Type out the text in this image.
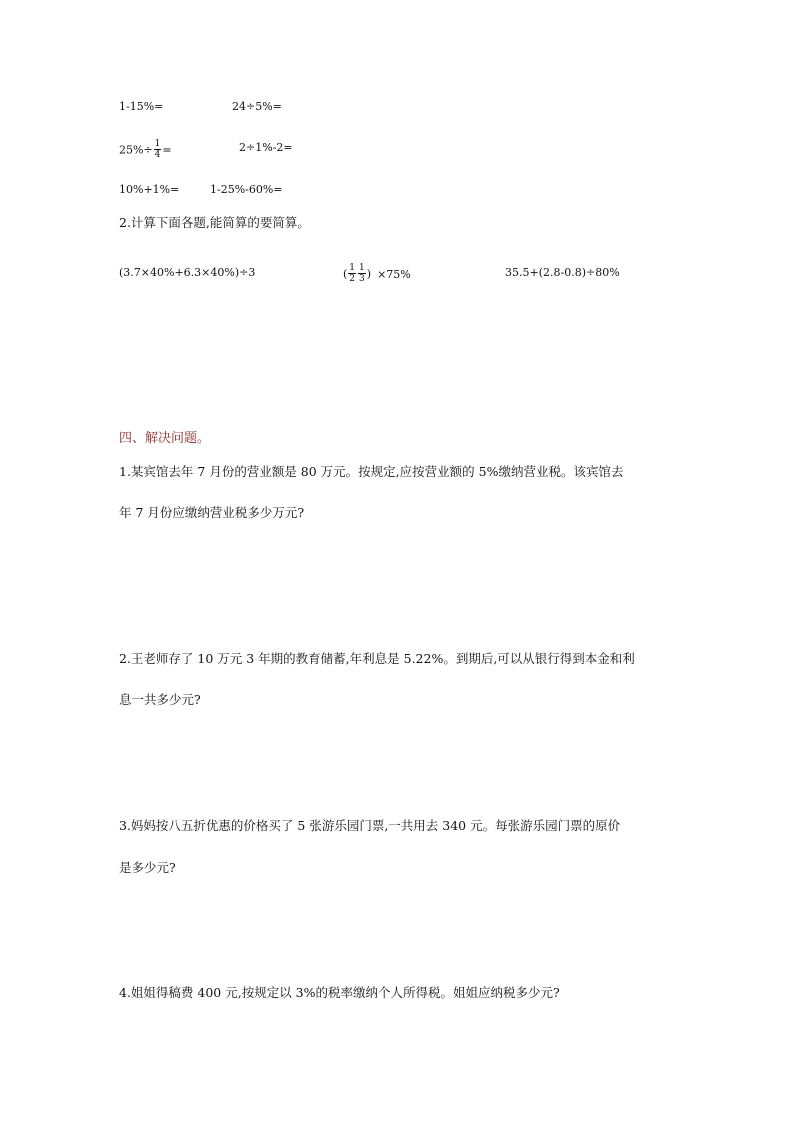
1-15%=	24÷5%=
$25\%\div \frac{1}{4}$ =	2÷1%-2=
10%+1%=	1-25%-60%=
2.计算下面各题,能简算的要简算。
(3.7×40%+6.3×40%)÷3	( $\frac{1}{2} \frac{1}{3}$ ) ×75%	35.5+(2.8-0.8)÷80%
四、解决问题。
1.某宾馆去年 7 月份的营业额是 80 万元。按规定,应按营业额的 5%缴纳营业税。该宾馆去
年 7 月份应缴纳营业税多少万元?
2.王老师存了 10 万元 3 年期的教育储蓄,年利息是 5.22%。到期后,可以从银行得到本金和利
息一共多少元?
3.妈妈按八五折优惠的价格买了 5 张游乐园门票,一共用去 340 元。每张游乐园门票的原价
是多少元?
4.姐姐得稿费 400 元,按规定以 3%的税率缴纳个人所得税。姐姐应纳税多少元?
